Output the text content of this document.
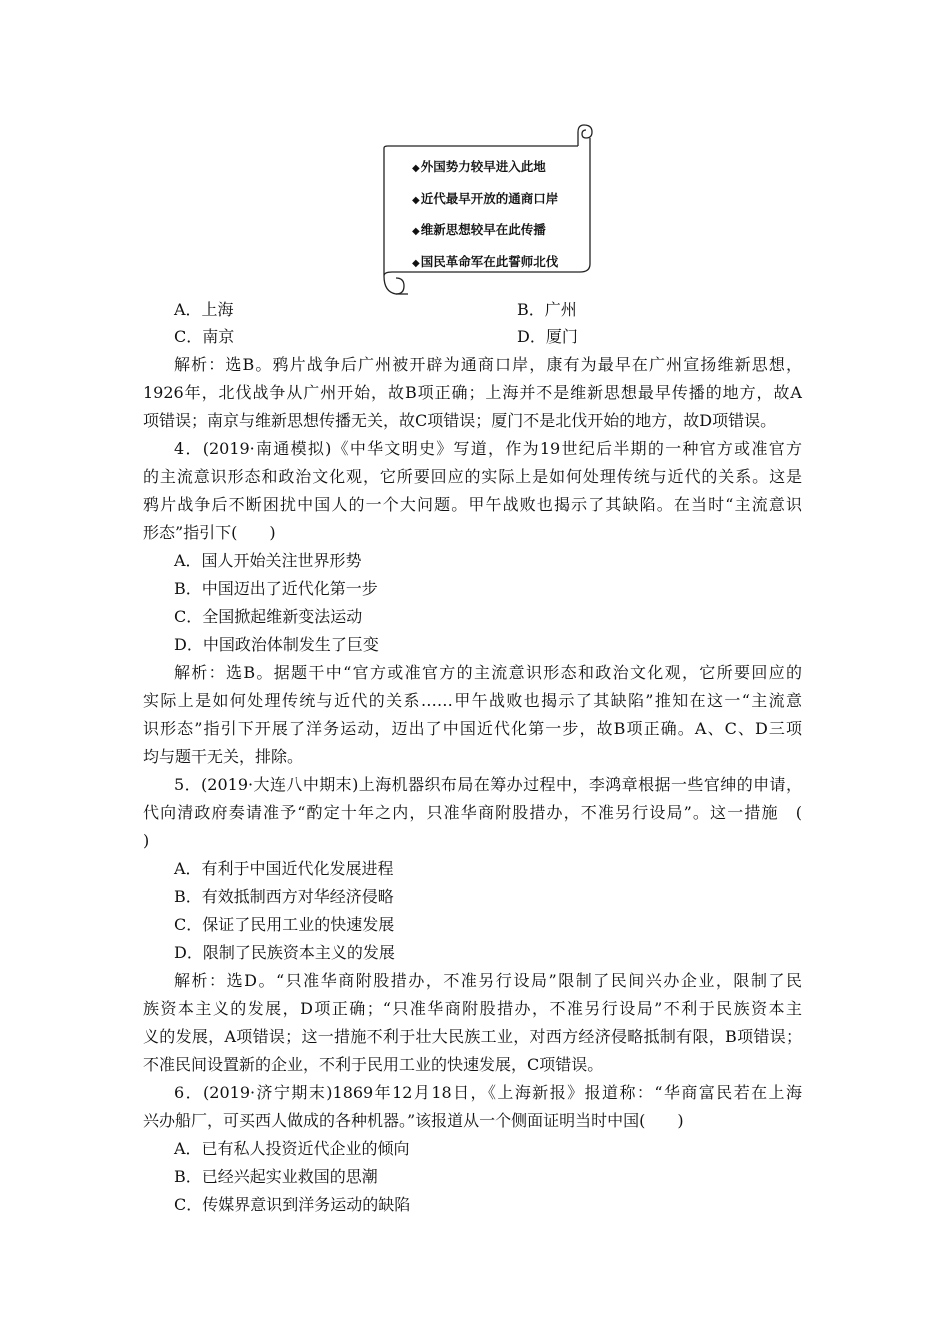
◆ 外国势力较早进入此地
◆ 近代最早开放的通商口岸
◆ 维新思想较早在此传播
◆ 国民革命军在此誓师北伐
A．上海	B．广州
C．南京	D．厦门
解析：选B。鸦片战争后广州被开辟为通商口岸，康有为最早在广州宣扬维新思想，
1926年，北伐战争从广州开始，故B项正确；上海并不是维新思想最早传播的地方，故A
项错误；南京与维新思想传播无关，故C项错误；厦门不是北伐开始的地方，故D项错误。
4．(2019·南通模拟)《中华文明史》写道，作为19世纪后半期的一种官方或准官方
的主流意识形态和政治文化观，它所要回应的实际上是如何处理传统与近代的关系。这是
鸦片战争后不断困扰中国人的一个大问题。甲午战败也揭示了其缺陷。在当时“主流意识
形态”指引下(　　)
A．国人开始关注世界形势
B．中国迈出了近代化第一步
C．全国掀起维新变法运动
D．中国政治体制发生了巨变
解析：选B。据题干中“官方或准官方的主流意识形态和政治文化观，它所要回应的
实际上是如何处理传统与近代的关系……甲午战败也揭示了其缺陷”推知在这一“主流意
识形态”指引下开展了洋务运动，迈出了中国近代化第一步，故B项正确。A、C、D三项
均与题干无关，排除。
5．(2019·大连八中期末)上海机器织布局在筹办过程中，李鸿章根据一些官绅的申请，
代向清政府奏请准予“酌定十年之内，只准华商附股措办，不准另行设局”。这一措施　(
)
A．有利于中国近代化发展进程
B．有效抵制西方对华经济侵略
C．保证了民用工业的快速发展
D．限制了民族资本主义的发展
解析：选D。“只准华商附股措办，不准另行设局”限制了民间兴办企业，限制了民
族资本主义的发展，D项正确；“只准华商附股措办，不准另行设局”不利于民族资本主
义的发展，A项错误；这一措施不利于壮大民族工业，对西方经济侵略抵制有限，B项错误；
不准民间设置新的企业，不利于民用工业的快速发展，C项错误。
6．(2019·济宁期末)1869年12月18日，《上海新报》报道称：“华商富民若在上海
兴办船厂，可买西人做成的各种机器。”该报道从一个侧面证明当时中国(　　)
A．已有私人投资近代企业的倾向
B．已经兴起实业救国的思潮
C．传媒界意识到洋务运动的缺陷
